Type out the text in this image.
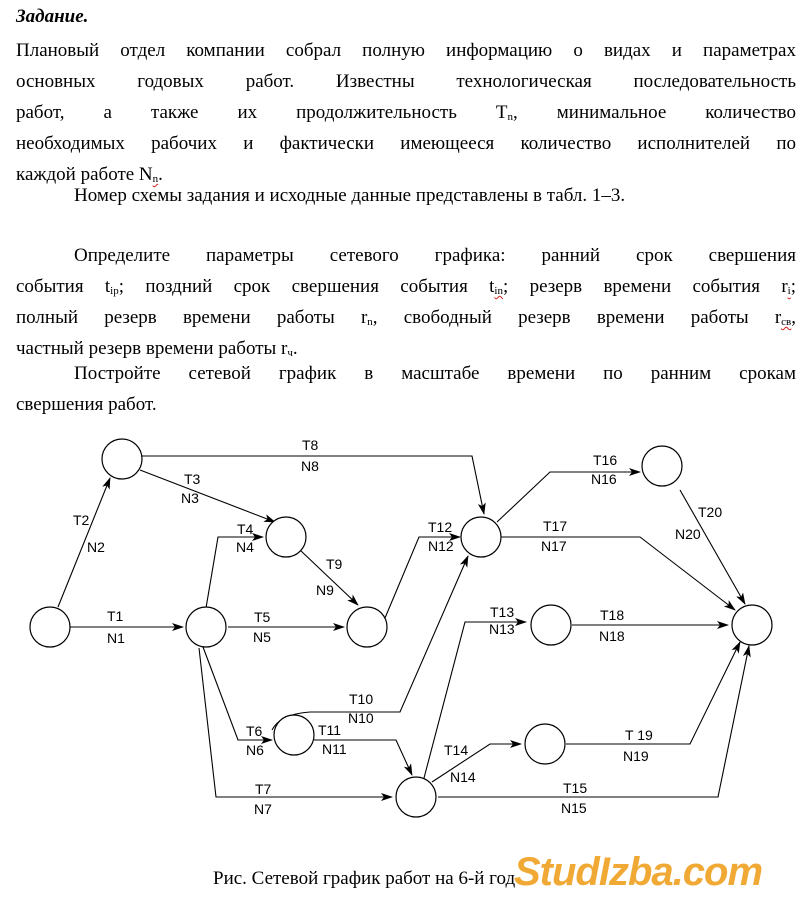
Задание.
Плановый отдел компании собрал полную информацию о видах и параметрах
основных годовых работ. Известны технологическая последовательность
работ, а также их продолжительность $T_n$, минимальное количество
необходимых рабочих и фактически имеющееся количество исполнителей по
каждой работе $N_n$.
Номер схемы задания и исходные данные представлены в табл. 1–3.
Определите параметры сетевого графика: ранний срок свершения
события $t_{ip}$; поздний срок свершения события $t_{in}$; резерв времени события $r_i$;
полный резерв времени работы $r_n$, свободный резерв времени работы $r_{св}$,
частный резерв времени работы $r_ч$.
Постройте сетевой график в масштабе времени по ранним срокам
свершения работ.
T1
N1
T2
N2
T3
N3
T4
N4
T5
N5
T6
N6
T7
N7
T8
N8
T9
N9
T10
N10
T11
N11
T12
N12
T13
N13
T14
N14
T15
N15
T16
N16
T17
N17
T18
N18
T 19
N19
T20
N20
Рис. Сетевой график работ на 6-й год
StudIzba.com
